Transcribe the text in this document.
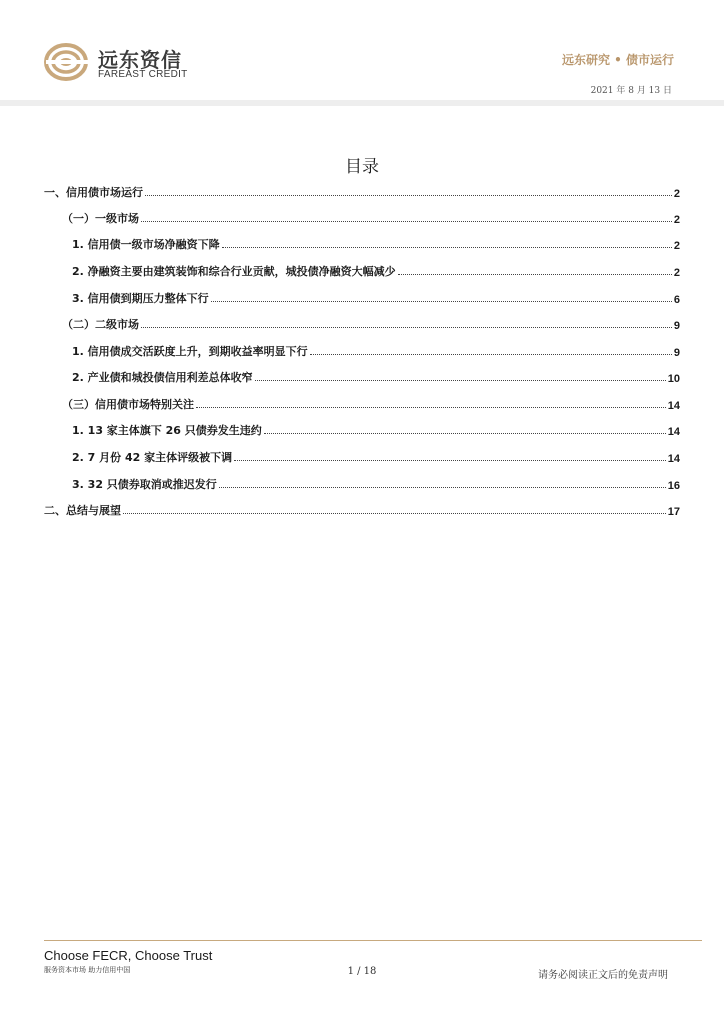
远东资信
FAREAST CREDIT
远东研究 • 债市运行
2021 年 8 月 13 日
目录
一、信用债市场运行	2
（一）一级市场	2
1. 信用债一级市场净融资下降	2
2. 净融资主要由建筑装饰和综合行业贡献，城投债净融资大幅减少	2
3. 信用债到期压力整体下行	6
（二）二级市场	9
1. 信用债成交活跃度上升，到期收益率明显下行	9
2. 产业债和城投债信用利差总体收窄	10
（三）信用债市场特别关注	14
1. 13 家主体旗下 26 只债券发生违约	14
2. 7 月份 42 家主体评级被下调	14
3. 32 只债券取消或推迟发行	16
二、总结与展望	17
Choose FECR, Choose Trust
服务资本市场 助力信用中国	1 / 18	请务必阅读正文后的免责声明
